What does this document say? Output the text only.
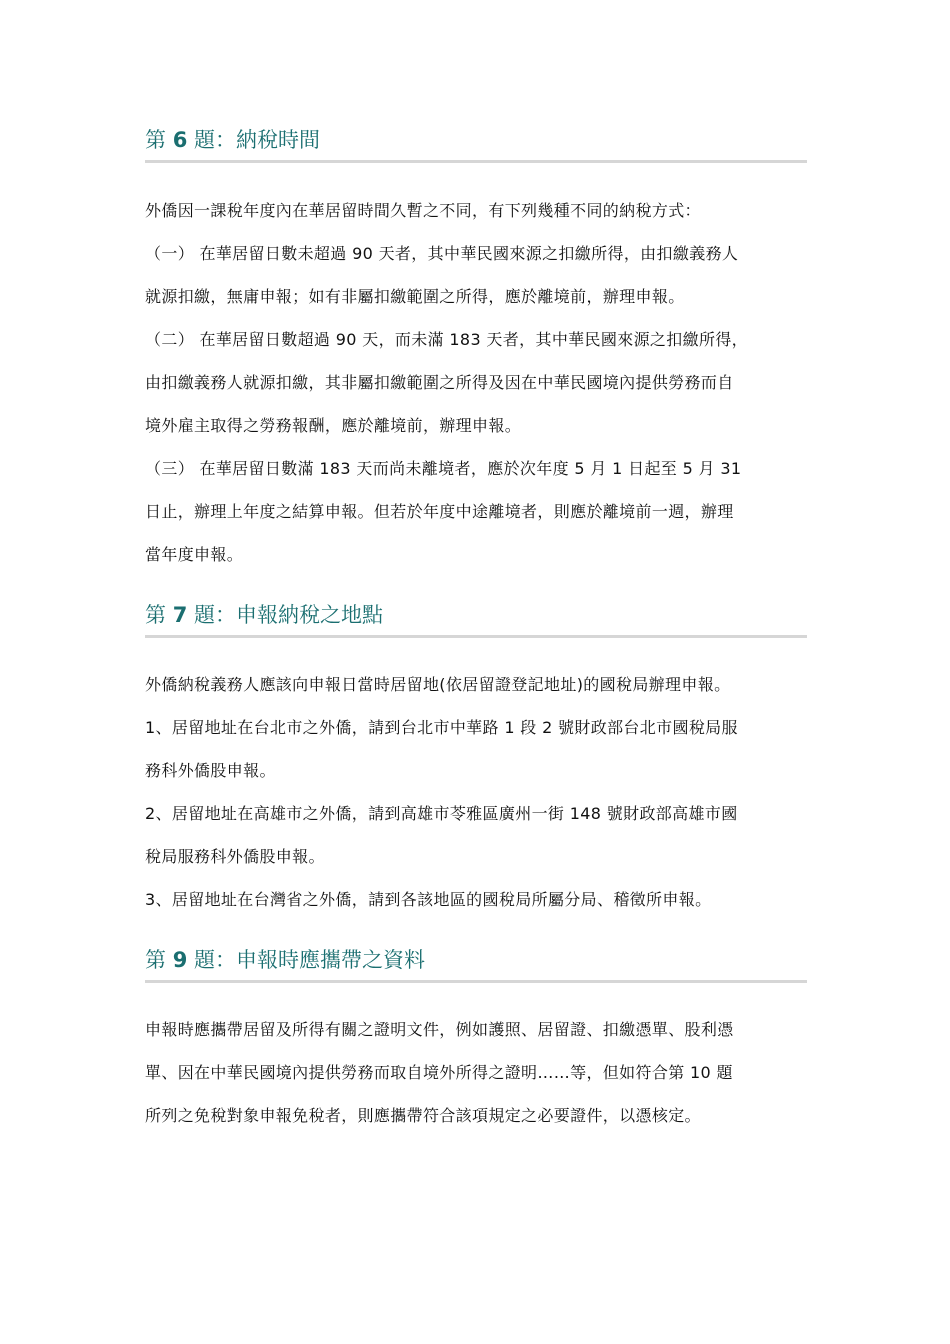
第 6 題：納稅時間
外僑因一課稅年度內在華居留時間久暫之不同，有下列幾種不同的納稅方式：
（一） 在華居留日數未超過 90 天者，其中華民國來源之扣繳所得，由扣繳義務人
就源扣繳，無庸申報；如有非屬扣繳範圍之所得，應於離境前，辦理申報。
（二） 在華居留日數超過 90 天，而未滿 183 天者，其中華民國來源之扣繳所得，
由扣繳義務人就源扣繳，其非屬扣繳範圍之所得及因在中華民國境內提供勞務而自
境外雇主取得之勞務報酬，應於離境前，辦理申報。
（三） 在華居留日數滿 183 天而尚未離境者，應於次年度 5 月 1 日起至 5 月 31
日止，辦理上年度之結算申報。但若於年度中途離境者，則應於離境前一週，辦理
當年度申報。
第 7 題：申報納稅之地點
外僑納稅義務人應該向申報日當時居留地(依居留證登記地址)的國稅局辦理申報。
1、居留地址在台北市之外僑，請到台北市中華路 1 段 2 號財政部台北市國稅局服
務科外僑股申報。
2、居留地址在高雄市之外僑，請到高雄市苓雅區廣州一街 148 號財政部高雄市國
稅局服務科外僑股申報。
3、居留地址在台灣省之外僑，請到各該地區的國稅局所屬分局、稽徵所申報。
第 9 題：申報時應攜帶之資料
申報時應攜帶居留及所得有關之證明文件，例如護照、居留證、扣繳憑單、股利憑
單、因在中華民國境內提供勞務而取自境外所得之證明……等，但如符合第 10 題
所列之免稅對象申報免稅者，則應攜帶符合該項規定之必要證件，以憑核定。
